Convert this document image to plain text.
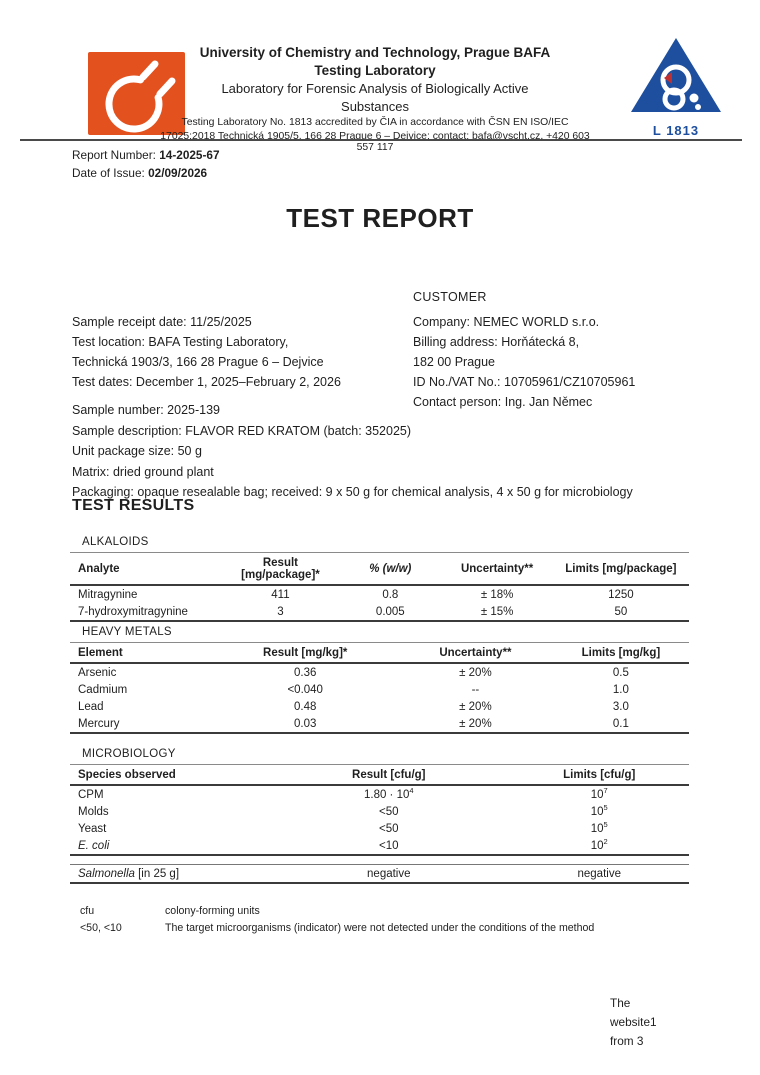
University of Chemistry and Technology, Prague BAFA
Testing Laboratory
Laboratory for Forensic Analysis of Biologically Active
Substances
Testing Laboratory No. 1813 accredited by ČIA in accordance with ČSN EN ISO/IEC
17025:2018 Technická 1905/5, 166 28 Prague 6 – Dejvice; contact: bafa@vscht.cz, +420 603	L 1813
557 117
Report Number: 14-2025-67
Date of Issue: 02/09/2026
TEST REPORT
CUSTOMER
Sample receipt date: 11/25/2025
Test location: BAFA Testing Laboratory,
Technická 1903/3, 166 28 Prague 6 – Dejvice
Test dates: December 1, 2025–February 2, 2026
Company: NEMEC WORLD s.r.o.
Billing address: Horňátecká 8,
182 00 Prague
ID No./VAT No.: 10705961/CZ10705961
Contact person: Ing. Jan Němec
Sample number: 2025-139
Sample description: FLAVOR RED KRATOM (batch: 352025)
Unit package size: 50 g
Matrix: dried ground plant
Packaging: opaque resealable bag; received: 9 x 50 g for chemical analysis, 4 x 50 g for microbiology
TEST RESULTS
ALKALOIDS
Analyte	Result [mg/package]*	% (w/w)	Uncertainty**	Limits [mg/package]
Mitragynine	411	0.8	± 18%	1250
7-hydroxymitragynine	3	0.005	± 15%	50
HEAVY METALS
Element	Result [mg/kg]*	Uncertainty**	Limits [mg/kg]
Arsenic	0.36	± 20%	0.5
Cadmium	<0.040	--	1.0
Lead	0.48	± 20%	3.0
Mercury	0.03	± 20%	0.1
MICROBIOLOGY
Species observed	Result [cfu/g]	Limits [cfu/g]
CPM	$1.80 \cdot 10^4$	$10^7$
Molds	<50	$10^5$
Yeast	<50	$10^5$
E. coli	<10	$10^2$
Salmonella [in 25 g]	negative	negative
cfu	colony-forming units
<50, <10	The target microorganisms (indicator) were not detected under the conditions of the method
The
website1
from 3
